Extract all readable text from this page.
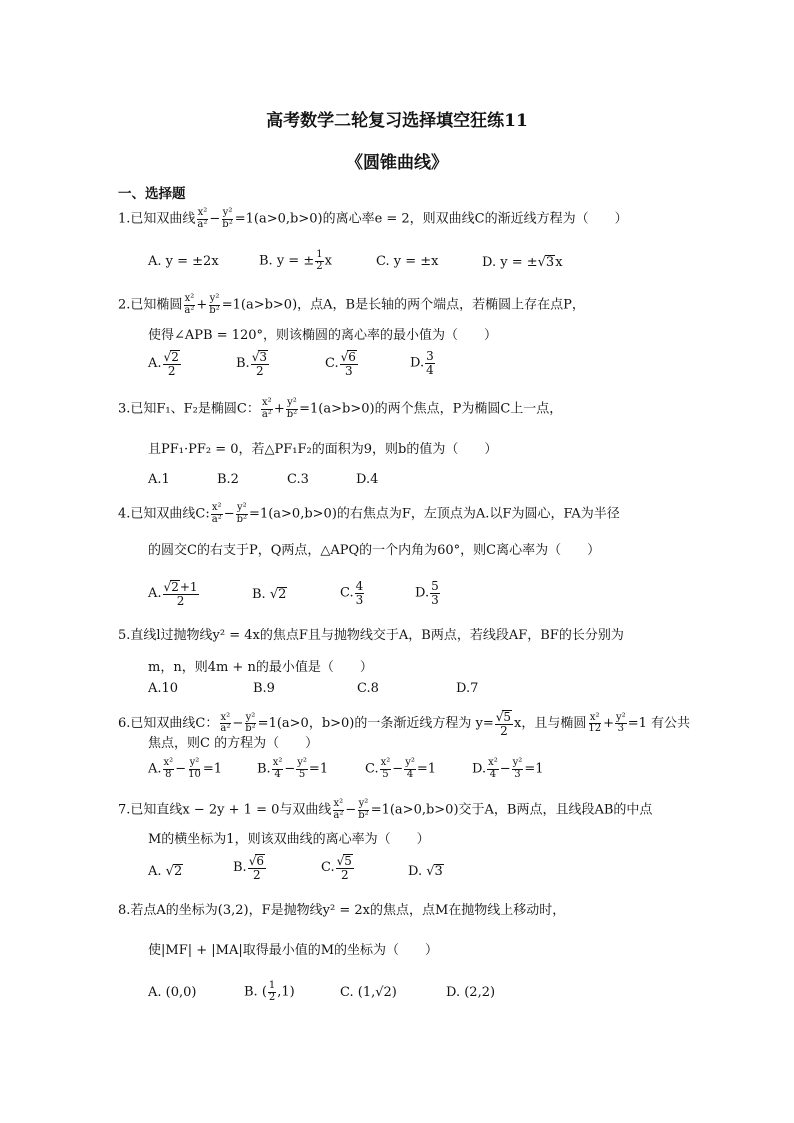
高考数学二轮复习选择填空狂练11
《圆锥曲线》
一、选择题
1.已知双曲线 $\frac{\text{x²}}{\text{a²}} - \frac{\text{y²}}{\text{b²}} =1(a>0,b>0)$的离心率e = 2，则双曲线C的渐近线方程为（　　）
A. y = ±2x	B. y = ± $\frac{1}{2}$ x	C. y = ±x	D. y = ±√3x
2.已知椭圆 $\frac{\text{x²}}{\text{a²}} + \frac{\text{y²}}{\text{b²}} =1(a>b>0)$，点A，B是长轴的两个端点，若椭圆上存在点P，
使得∠APB = 120°，则该椭圆的离心率的最小值为（　　）
A. $\frac{√2}{2}$	B. $\frac{√3}{2}$	C. $\frac{√6}{3}$	D. $\frac{3}{4}$
3.已知F₁、F₂是椭圆C： $\frac{\text{x²}}{\text{a²}} + \frac{\text{y²}}{\text{b²}} =1(a>b>0)$的两个焦点，P为椭圆C上一点，
且PF₁·PF₂ = 0，若△PF₁F₂的面积为9，则b的值为（　　）
A.1	B.2	C.3	D.4
4.已知双曲线C: $\frac{\text{x²}}{\text{a²}} - \frac{\text{y²}}{\text{b²}} =1(a>0,b>0)$的右焦点为F，左顶点为A.以F为圆心，FA为半径
的圆交C的右支于P，Q两点，△APQ的一个内角为60°，则C离心率为（　　）
A. $\frac{√2+1}{2}$	B. √2	C. $\frac{4}{3}$	D. $\frac{5}{3}$
5.直线l过抛物线y² = 4x的焦点F且与抛物线交于A，B两点，若线段AF，BF的长分别为
m，n，则4m + n的最小值是（　　）
A.10	B.9	C.8	D.7
6.已知双曲线C： $\frac{\text{x²}}{\text{a²}} - \frac{\text{y²}}{\text{b²}} =1(a>0$，b>0)的一条渐近线方程为 $y= \frac{√5}{2}$ x，且与椭圆 $\frac{\text{x²}}{12} + \frac{\text{y²}}{3} =1$ 有公共
焦点，则C 的方程为（　　）
A. $\frac{\text{x²}}{8} - \frac{\text{y²}}{10} =1$	B. $\frac{\text{x²}}{4} - \frac{\text{y²}}{5} =1$	C. $\frac{\text{x²}}{5} - \frac{\text{y²}}{4} =1$	D. $\frac{\text{x²}}{4} - \frac{\text{y²}}{3} =1$
7.已知直线x − 2y + 1 = 0与双曲线 $\frac{\text{x²}}{\text{a²}} - \frac{\text{y²}}{\text{b²}} =1(a>0,b>0)$交于A，B两点，且线段AB的中点
M的横坐标为1，则该双曲线的离心率为（　　）
A. √2	B. $\frac{√6}{2}$	C. $\frac{√5}{2}$	D. √3
8.若点A的坐标为(3,2)，F是抛物线y² = 2x的焦点，点M在抛物线上移动时，
使|MF| + |MA|取得最小值的M的坐标为（　　）
A. (0,0)	B. ( $\frac{1}{2} ,1$)	C. (1,√2)	D. (2,2)
